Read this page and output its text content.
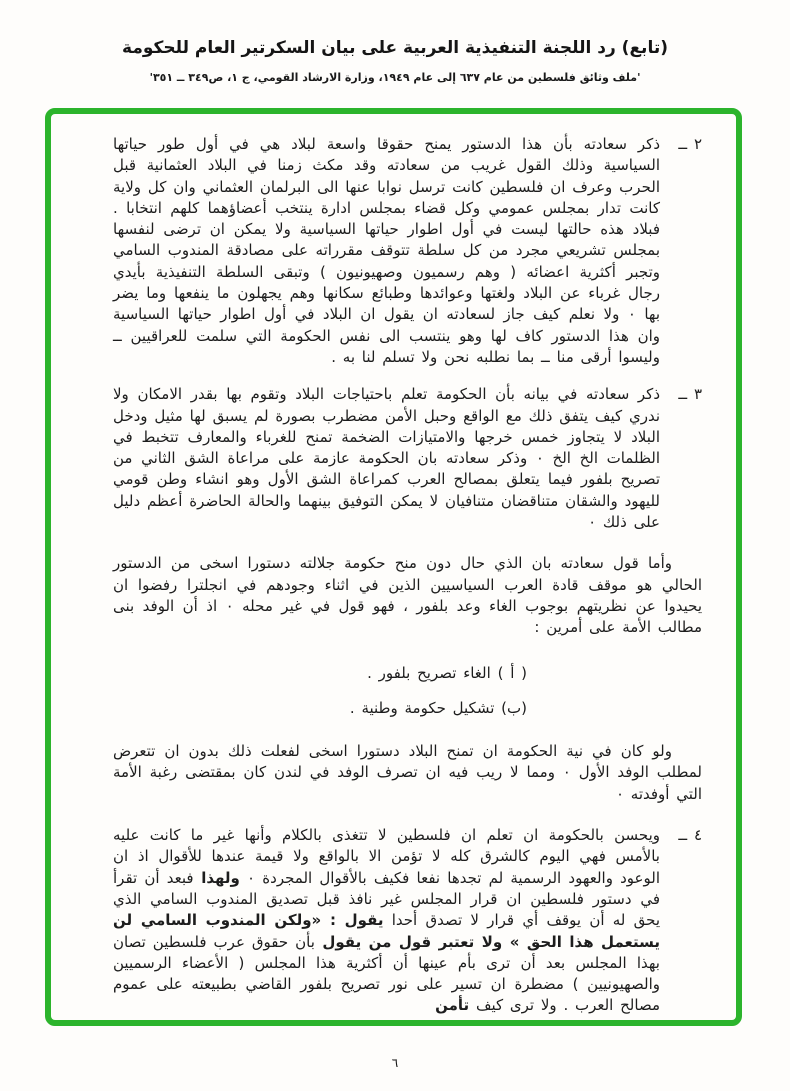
(تابع) رد اللجنة التنفيذية العربية على بيان السكرتير العام للحكومة
'ملف وثائق فلسطين من عام ٦٣٧ إلى عام ١٩٤٩، وزارة الارشاد القومي، ج ١، ص٣٤٩ ــ ٣٥١'
٢ ــ
ذكر سعادته بأن هذا الدستور يمنح حقوقا واسعة لبلاد هي في أول طور حياتها السياسية وذلك القول غريب من سعادته وقد مكث زمنا في البلاد العثمانية قبل الحرب وعرف ان فلسطين كانت ترسل نوابا عنها الى البرلمان العثماني وان كل ولاية كانت تدار بمجلس عمومي وكل قضاء بمجلس ادارة ينتخب أعضاؤهما كلهم انتخابا . فبلاد هذه حالتها ليست في أول اطوار حياتها السياسية ولا يمكن ان ترضى لنفسها بمجلس تشريعي مجرد من كل سلطة تتوقف مقرراته على مصادقة المندوب السامي وتجبر أكثرية اعضائه ( وهم رسميون وصهيونيون ) وتبقى السلطة التنفيذية بأيدي رجال غرباء عن البلاد ولغتها وعوائدها وطبائع سكانها وهم يجهلون ما ينفعها وما يضر بها ٠ ولا نعلم كيف جاز لسعادته ان يقول ان البلاد في أول اطوار حياتها السياسية وان هذا الدستور كاف لها وهو ينتسب الى نفس الحكومة التي سلمت للعراقيين ــ وليسوا أرقى منا ــ بما نطلبه نحن ولا تسلم لنا به .
٣ ــ
ذكر سعادته في بيانه بأن الحكومة تعلم باحتياجات البلاد وتقوم بها بقدر الامكان ولا ندري كيف يتفق ذلك مع الواقع وحبل الأمن مضطرب بصورة لم يسبق لها مثيل ودخل البلاد لا يتجاوز خمس خرجها والامتيازات الضخمة تمنح للغرباء والمعارف تتخبط في الظلمات الخ الخ ٠ وذكر سعادته بان الحكومة عازمة على مراعاة الشق الثاني من تصريح بلفور فيما يتعلق بمصالح العرب كمراعاة الشق الأول وهو انشاء وطن قومي لليهود والشقان متناقضان متنافيان لا يمكن التوفيق بينهما والحالة الحاضرة أعظم دليل على ذلك ٠

وأما قول سعادته بان الذي حال دون منح حكومة جلالته دستورا اسخى من الدستور الحالي هو موقف قادة العرب السياسيين الذين في اثناء وجودهم في انجلترا رفضوا ان يحيدوا عن نظريتهم بوجوب الغاء وعد بلفور ، فهو قول في غير محله ٠ اذ أن الوفد بنى مطالب الأمة على أمرين :

( أ ) الغاء تصريح بلفور .
(ب) تشكيل حكومة وطنية .

ولو كان في نية الحكومة ان تمنح البلاد دستورا اسخى لفعلت ذلك بدون ان تتعرض لمطلب الوفد الأول ٠ ومما لا ريب فيه ان تصرف الوفد في لندن كان بمقتضى رغبة الأمة التي أوفدته ٠

٤ ــ
ويحسن بالحكومة ان تعلم ان فلسطين لا تتغذى بالكلام وأنها غير ما كانت عليه بالأمس فهي اليوم كالشرق كله لا تؤمن الا بالواقع ولا قيمة عندها للأقوال اذ ان الوعود والعهود الرسمية لم تجدها نفعا فكيف بالأقوال المجردة ٠ ولهذا فبعد أن تقرأ في دستور فلسطين ان قرار المجلس غير نافذ قبل تصديق المندوب السامي الذي يحق له أن يوقف أي قرار لا تصدق أحدا يقول : «ولكن المندوب السامي لن يستعمل هذا الحق » ولا تعتبر قول من يقول بأن حقوق عرب فلسطين تصان بهذا المجلس بعد أن ترى بأم عينها أن أكثرية هذا المجلس ( الأعضاء الرسميين والصهيونيين ) مضطرة ان تسير على نور تصريح بلفور القاضي بطبيعته على عموم مصالح العرب . ولا ترى كيف تأمن
٦
